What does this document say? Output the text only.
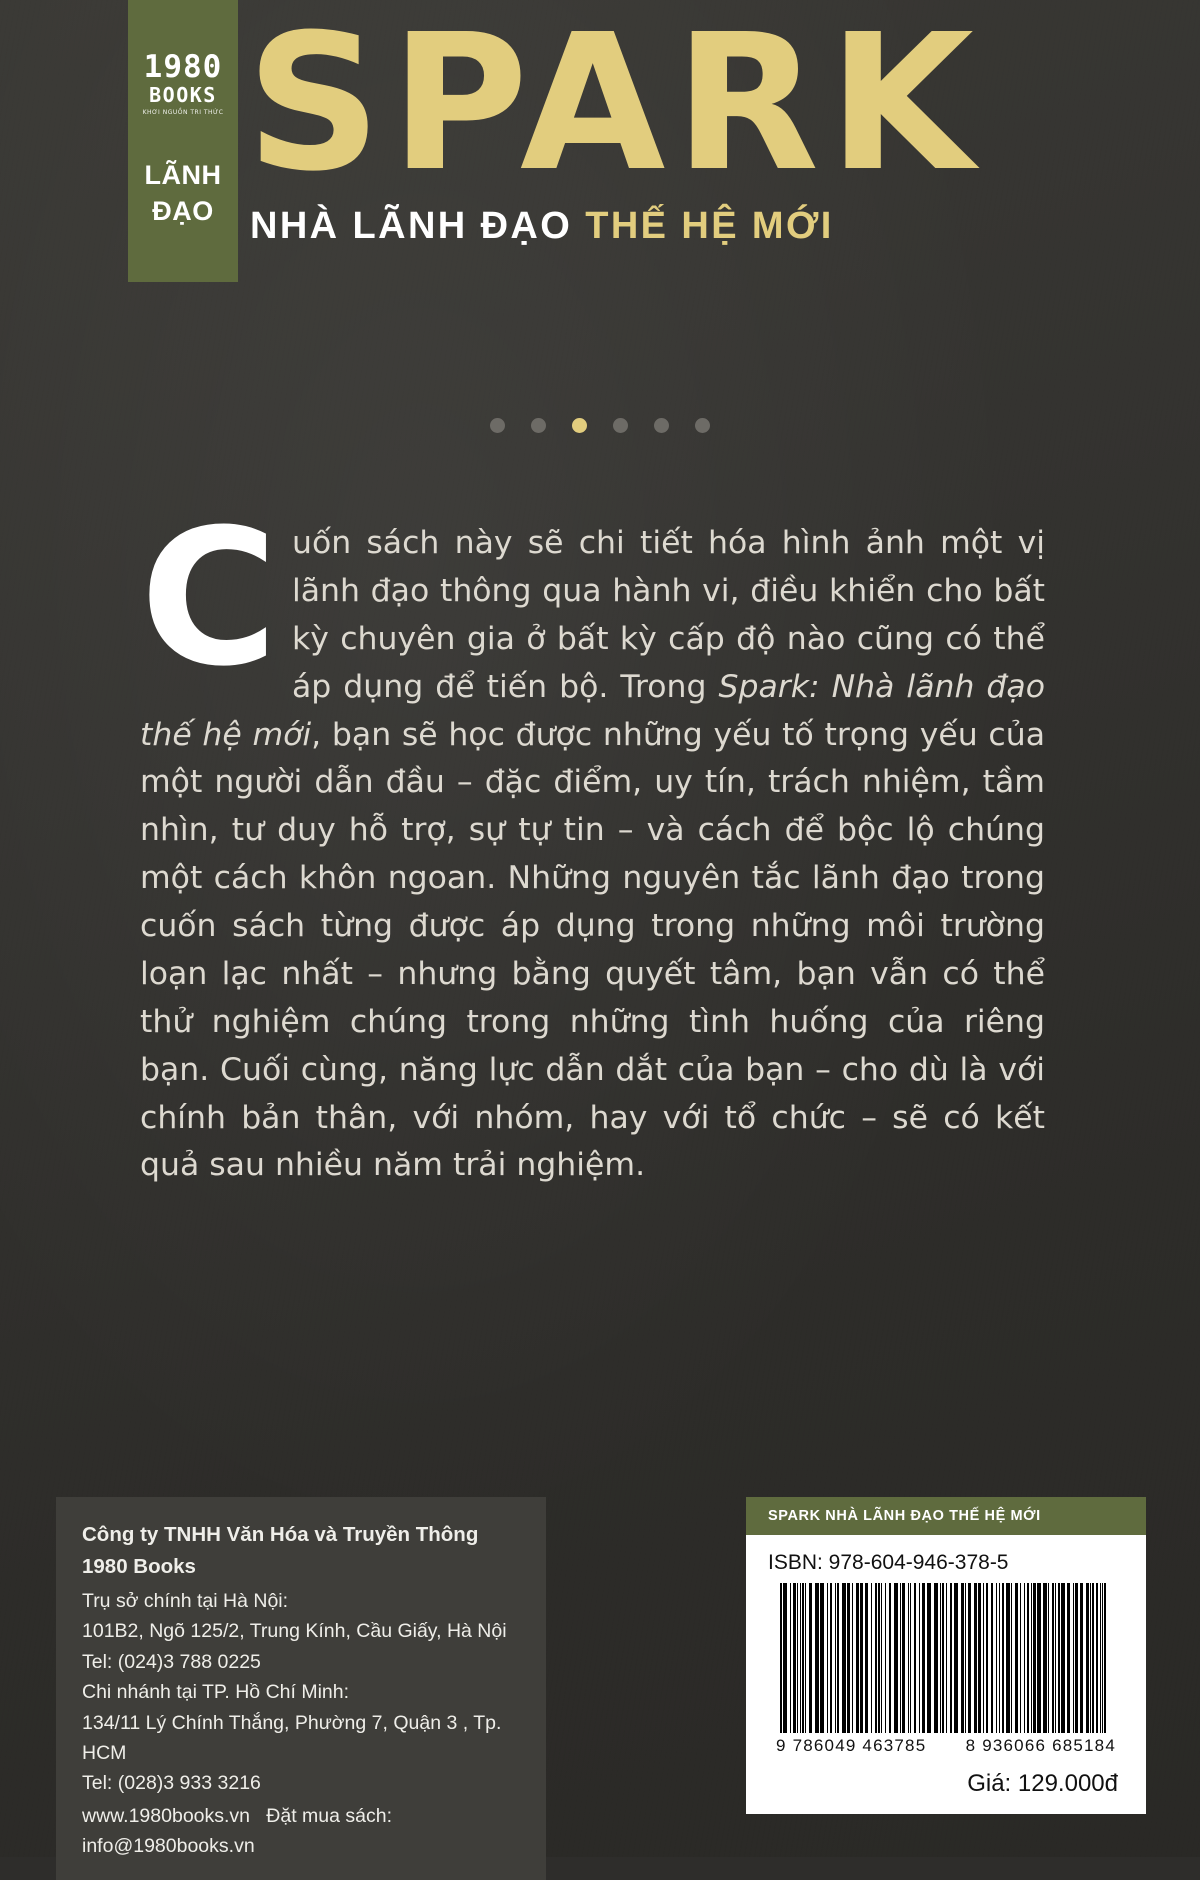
1980
BOOKS
KHƠI NGUỒN TRI THỨC
LÃNH
ĐẠO SPARK
NHÀ LÃNH ĐẠO THẾ HỆ MỚI
Cuốn sách này sẽ chi tiết hóa hình ảnh một vị lãnh đạo thông qua hành vi, điều khiển cho bất kỳ chuyên gia ở bất kỳ cấp độ nào cũng có thể áp dụng để tiến bộ. Trong Spark: Nhà lãnh đạo thế hệ mới, bạn sẽ học được những yếu tố trọng yếu của một người dẫn đầu – đặc điểm, uy tín, trách nhiệm, tầm nhìn, tư duy hỗ trợ, sự tự tin – và cách để bộc lộ chúng một cách khôn ngoan. Những nguyên tắc lãnh đạo trong cuốn sách từng được áp dụng trong những môi trường loạn lạc nhất – nhưng bằng quyết tâm, bạn vẫn có thể thử nghiệm chúng trong những tình huống của riêng bạn. Cuối cùng, năng lực dẫn dắt của bạn – cho dù là với chính bản thân, với nhóm, hay với tổ chức – sẽ có kết quả sau nhiều năm trải nghiệm.
Công ty TNHH Văn Hóa và Truyền Thông 1980 Books
Trụ sở chính tại Hà Nội:
101B2, Ngõ 125/2, Trung Kính, Cầu Giấy, Hà Nội
Tel: (024)3 788 0225
Chi nhánh tại TP. Hồ Chí Minh:
134/11 Lý Chính Thắng, Phường 7, Quận 3 , Tp. HCM
Tel: (028)3 933 3216
www.1980books.vn Đặt mua sách: info@1980books.vn
SPARK NHÀ LÃNH ĐẠO THẾ HỆ MỚI
ISBN: 978-604-946-378-5
9 786049 463785 8 936066 685184
Giá: 129.000đ
